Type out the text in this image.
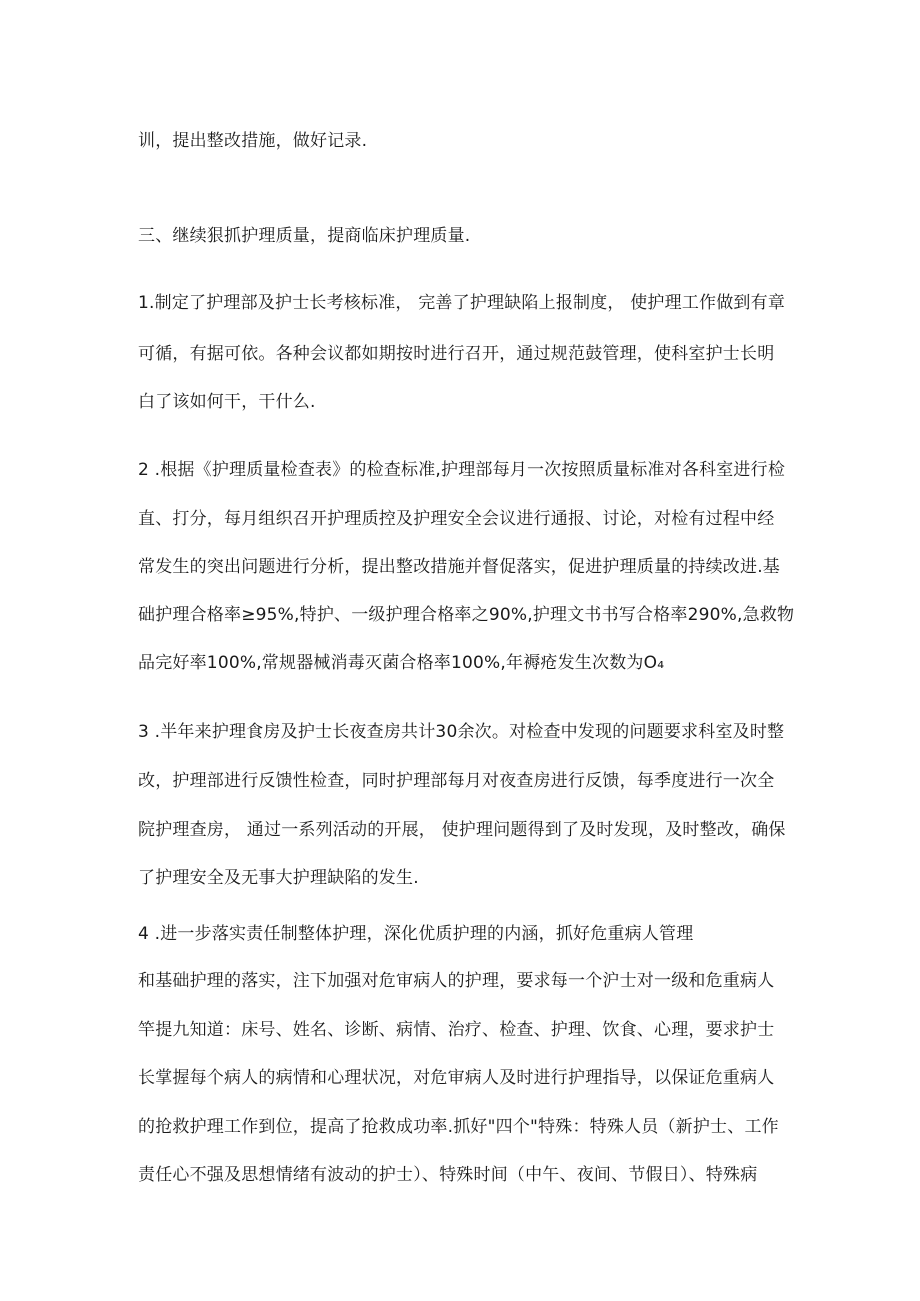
训，提出整改措施，做好记录.
三、继续狠抓护理质量，提商临床护理质量.
1.制定了护理部及护士长考核标准， 完善了护理缺陷上报制度， 使护理工作做到有章
可循，有据可依。各种会议都如期按时进行召开，通过规范鼓管理，使科室护士长明
白了该如何干，干什么.
2 .根据《护理质量检查表》的检查标准,护理部每月一次按照质量标准对各科室进行检
直、打分，每月组织召开护理质控及护理安全会议进行通报、讨论，对检有过程中经
常发生的突出问题进行分析，提出整改措施并督促落实，促进护理质量的持续改进.基
础护理合格率≥95%,特护、一级护理合格率之90%,护理文书书写合格率290%,急救物
品完好率100%,常规器械消毒灭菌合格率100%,年褥疮发生次数为O₄
3 .半年来护理食房及护士长夜查房共计30余次。对检查中发现的问题要求科室及时整
改，护理部进行反馈性检查，同时护理部每月对夜查房进行反馈，每季度进行一次全
院护理查房， 通过一系列活动的开展， 使护理问题得到了及时发现，及时整改，确保
了护理安全及无事大护理缺陷的发生.
4 .进一步落实责任制整体护理，深化优质护理的内涵，抓好危重病人管理
和基础护理的落实，注下加强对危审病人的护理，要求每一个沪士对一级和危重病人
竿提九知道：床号、姓名、诊断、病情、治疗、检查、护理、饮食、心理，要求护士
长掌握每个病人的病情和心理状况，对危审病人及时进行护理指导，以保证危重病人
的抢救护理工作到位，提高了抢救成功率.抓好"四个"特殊：特殊人员（新护士、工作
责任心不强及思想情绪有波动的护士）、特殊时间（中午、夜间、节假日）、特殊病
